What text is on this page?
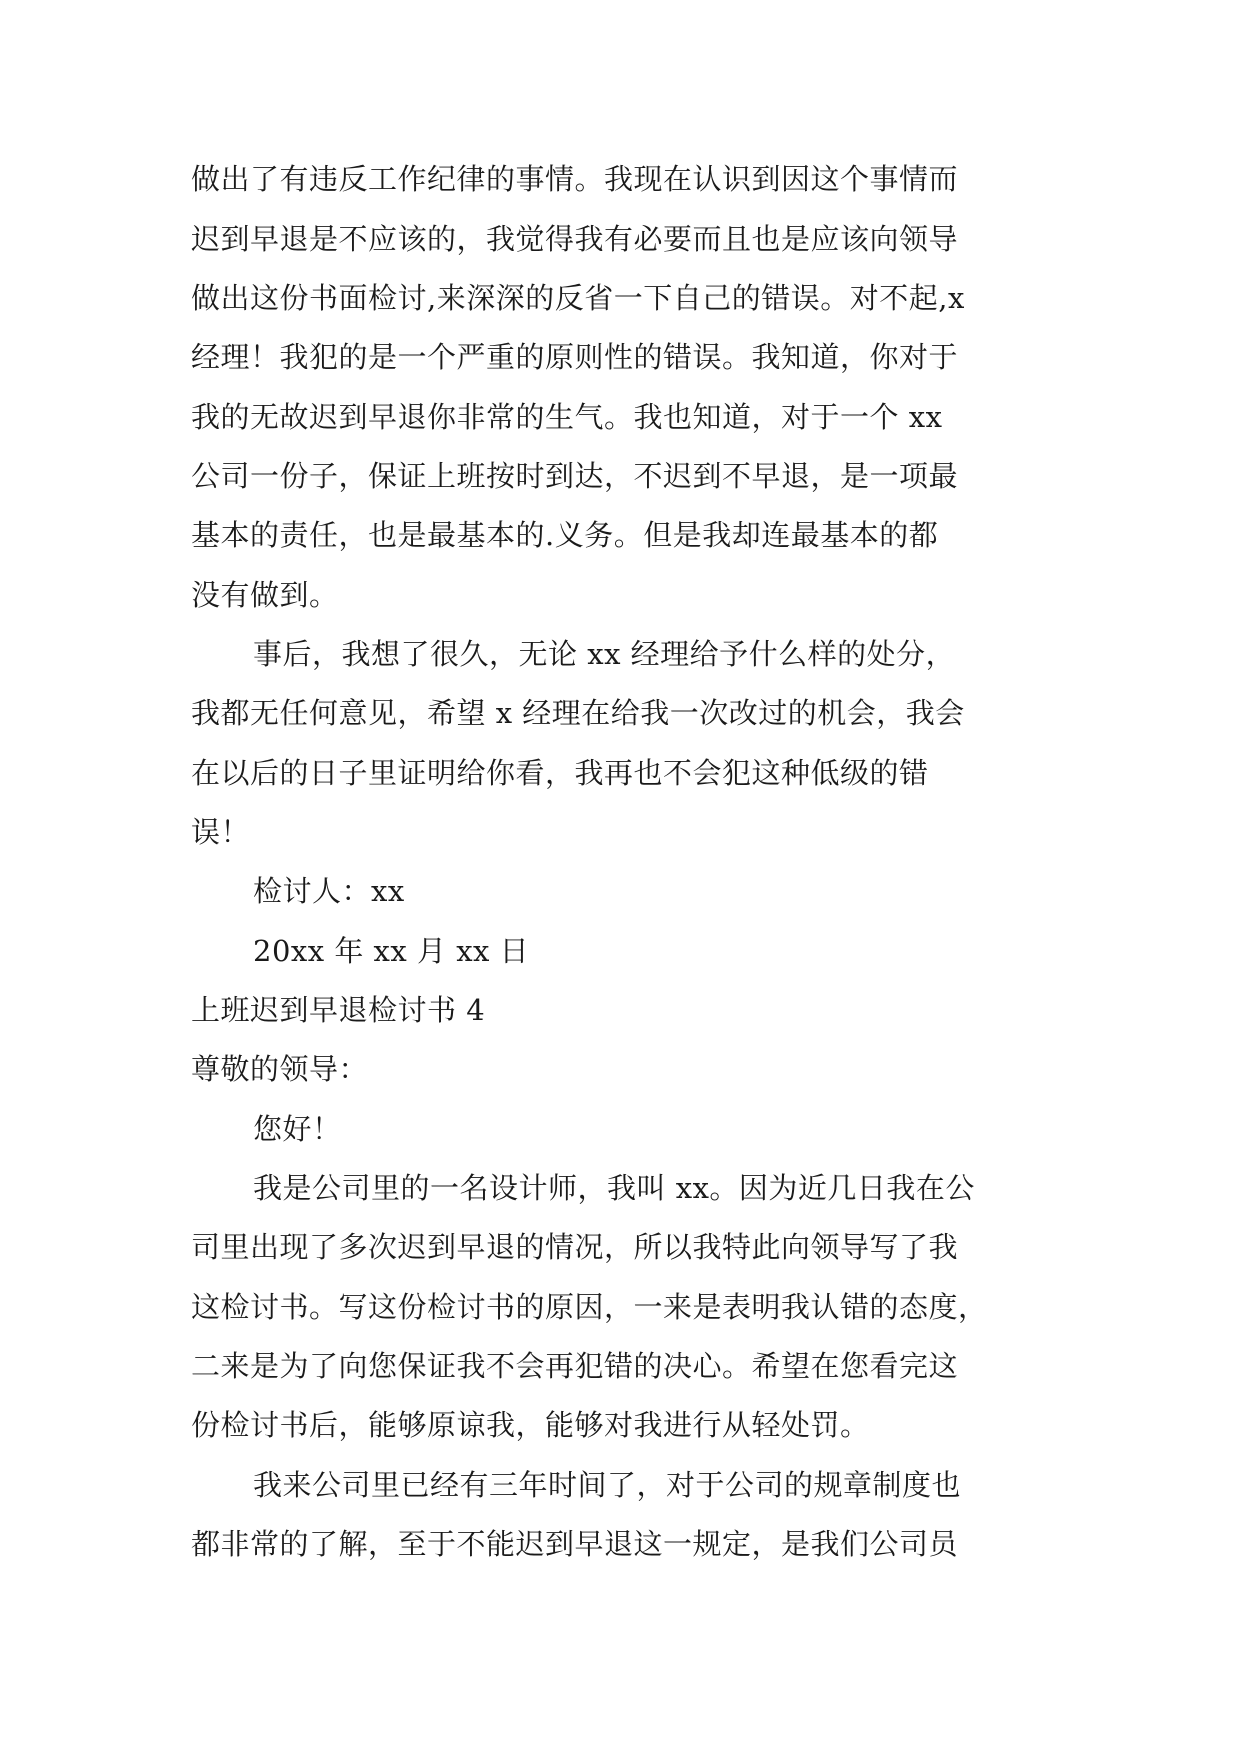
做出了有违反工作纪律的事情。我现在认识到因这个事情而
迟到早退是不应该的，我觉得我有必要而且也是应该向领导
做出这份书面检讨,来深深的反省一下自己的错误。对不起,x
经理！我犯的是一个严重的原则性的错误。我知道，你对于
我的无故迟到早退你非常的生气。我也知道，对于一个 xx
公司一份子，保证上班按时到达，不迟到不早退，是一项最
基本的责任，也是最基本的.义务。但是我却连最基本的都
没有做到。
事后，我想了很久，无论 xx 经理给予什么样的处分，
我都无任何意见，希望 x 经理在给我一次改过的机会，我会
在以后的日子里证明给你看，我再也不会犯这种低级的错
误！
检讨人：xx
20xx 年 xx 月 xx 日
上班迟到早退检讨书 4
尊敬的领导：
您好！
我是公司里的一名设计师，我叫 xx。因为近几日我在公
司里出现了多次迟到早退的情况，所以我特此向领导写了我
这检讨书。写这份检讨书的原因，一来是表明我认错的态度，
二来是为了向您保证我不会再犯错的决心。希望在您看完这
份检讨书后，能够原谅我，能够对我进行从轻处罚。
我来公司里已经有三年时间了，对于公司的规章制度也
都非常的了解，至于不能迟到早退这一规定，是我们公司员
